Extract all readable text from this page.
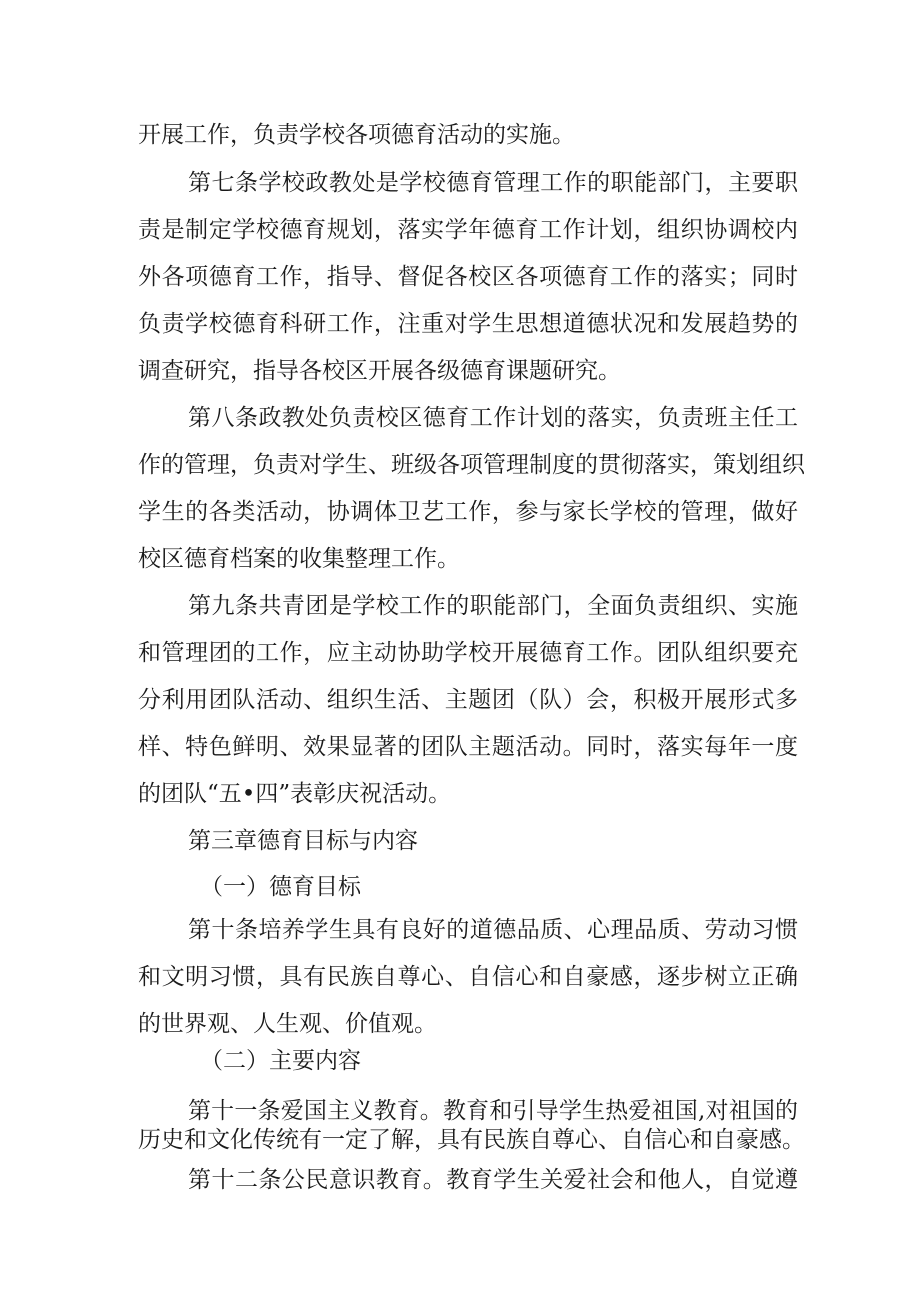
开展工作，负责学校各项德育活动的实施。
第七条学校政教处是学校德育管理工作的职能部门，主要职
责是制定学校德育规划，落实学年德育工作计划，组织协调校内
外各项德育工作，指导、督促各校区各项德育工作的落实；同时
负责学校德育科研工作，注重对学生思想道德状况和发展趋势的
调查研究，指导各校区开展各级德育课题研究。
第八条政教处负责校区德育工作计划的落实，负责班主任工
作的管理，负责对学生、班级各项管理制度的贯彻落实，策划组织
学生的各类活动，协调体卫艺工作，参与家长学校的管理，做好
校区德育档案的收集整理工作。
第九条共青团是学校工作的职能部门，全面负责组织、实施
和管理团的工作，应主动协助学校开展德育工作。团队组织要充
分利用团队活动、组织生活、主题团（队）会，积极开展形式多
样、特色鲜明、效果显著的团队主题活动。同时，落实每年一度
的团队“五•四”表彰庆祝活动。
第三章德育目标与内容
（一）德育目标
第十条培养学生具有良好的道德品质、心理品质、劳动习惯
和文明习惯，具有民族自尊心、自信心和自豪感，逐步树立正确
的世界观、人生观、价值观。
（二）主要内容
第十一条爱国主义教育。教育和引导学生热爱祖国,对祖国的
历史和文化传统有一定了解，具有民族自尊心、自信心和自豪感。
第十二条公民意识教育。教育学生关爱社会和他人，自觉遵
